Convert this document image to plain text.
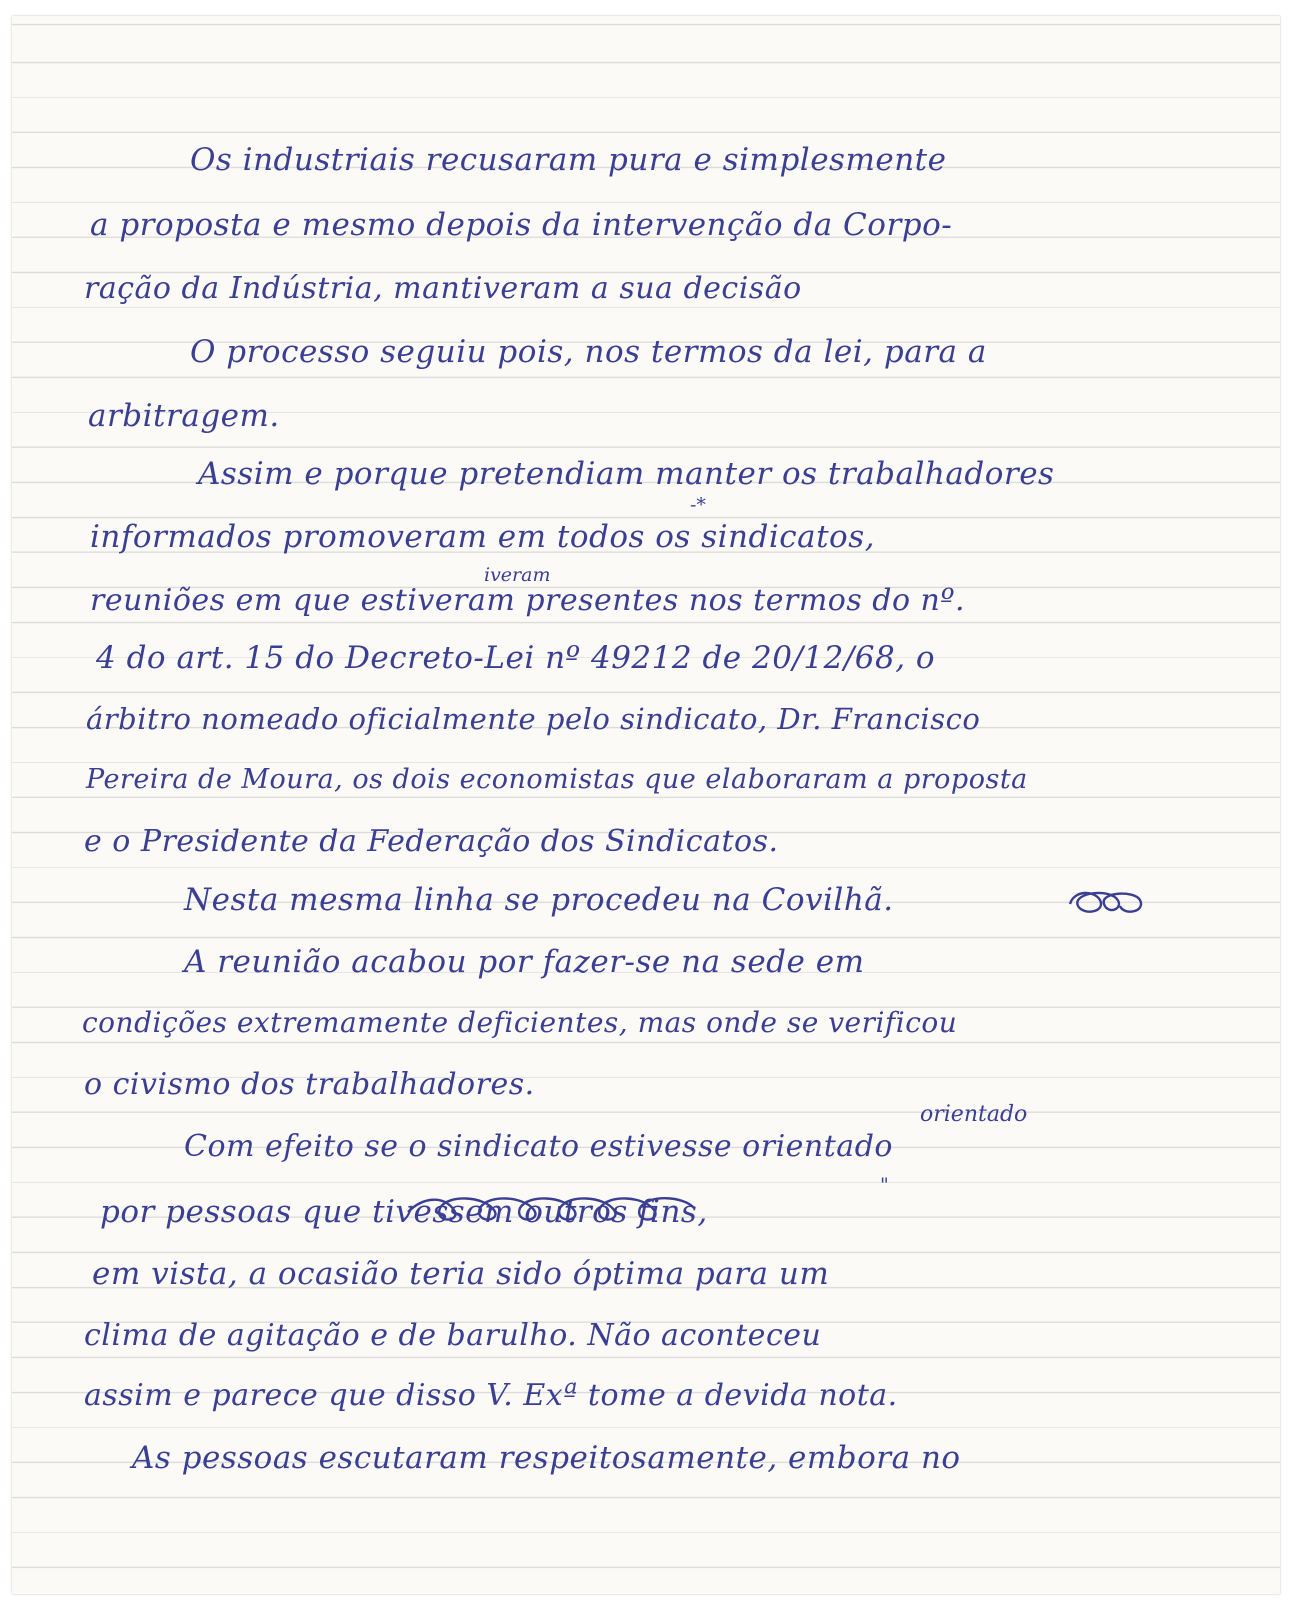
Os industriais recusaram pura e simplesmente
a proposta e mesmo depois da intervenção da Corpo-
ração da Indústria, mantiveram a sua decisão
O processo seguiu pois, nos termos da lei, para a
arbitragem.
Assim e porque pretendiam manter os trabalhadores
informados promoveram em todos os sindicatos,
reuniões em que estiveram presentes nos termos do nº.
4 do art. 15 do Decreto-Lei nº 49212 de 20/12/68, o
árbitro nomeado oficialmente pelo sindicato, Dr. Francisco
Pereira de Moura, os dois economistas que elaboraram a proposta
e o Presidente da Federação dos Sindicatos.
Nesta mesma linha se procedeu na Covilhã.
A reunião acabou por fazer-se na sede em
condições extremamente deficientes, mas onde se verificou
o civismo dos trabalhadores.
Com efeito se o sindicato estivesse orientado
por pessoas que tivessem outros fins,
em vista, a ocasião teria sido óptima para um
clima de agitação e de barulho. Não aconteceu
assim e parece que disso V. Exª tome a devida nota.
As pessoas escutaram respeitosamente, embora no
-*
iveram
orientado
"
